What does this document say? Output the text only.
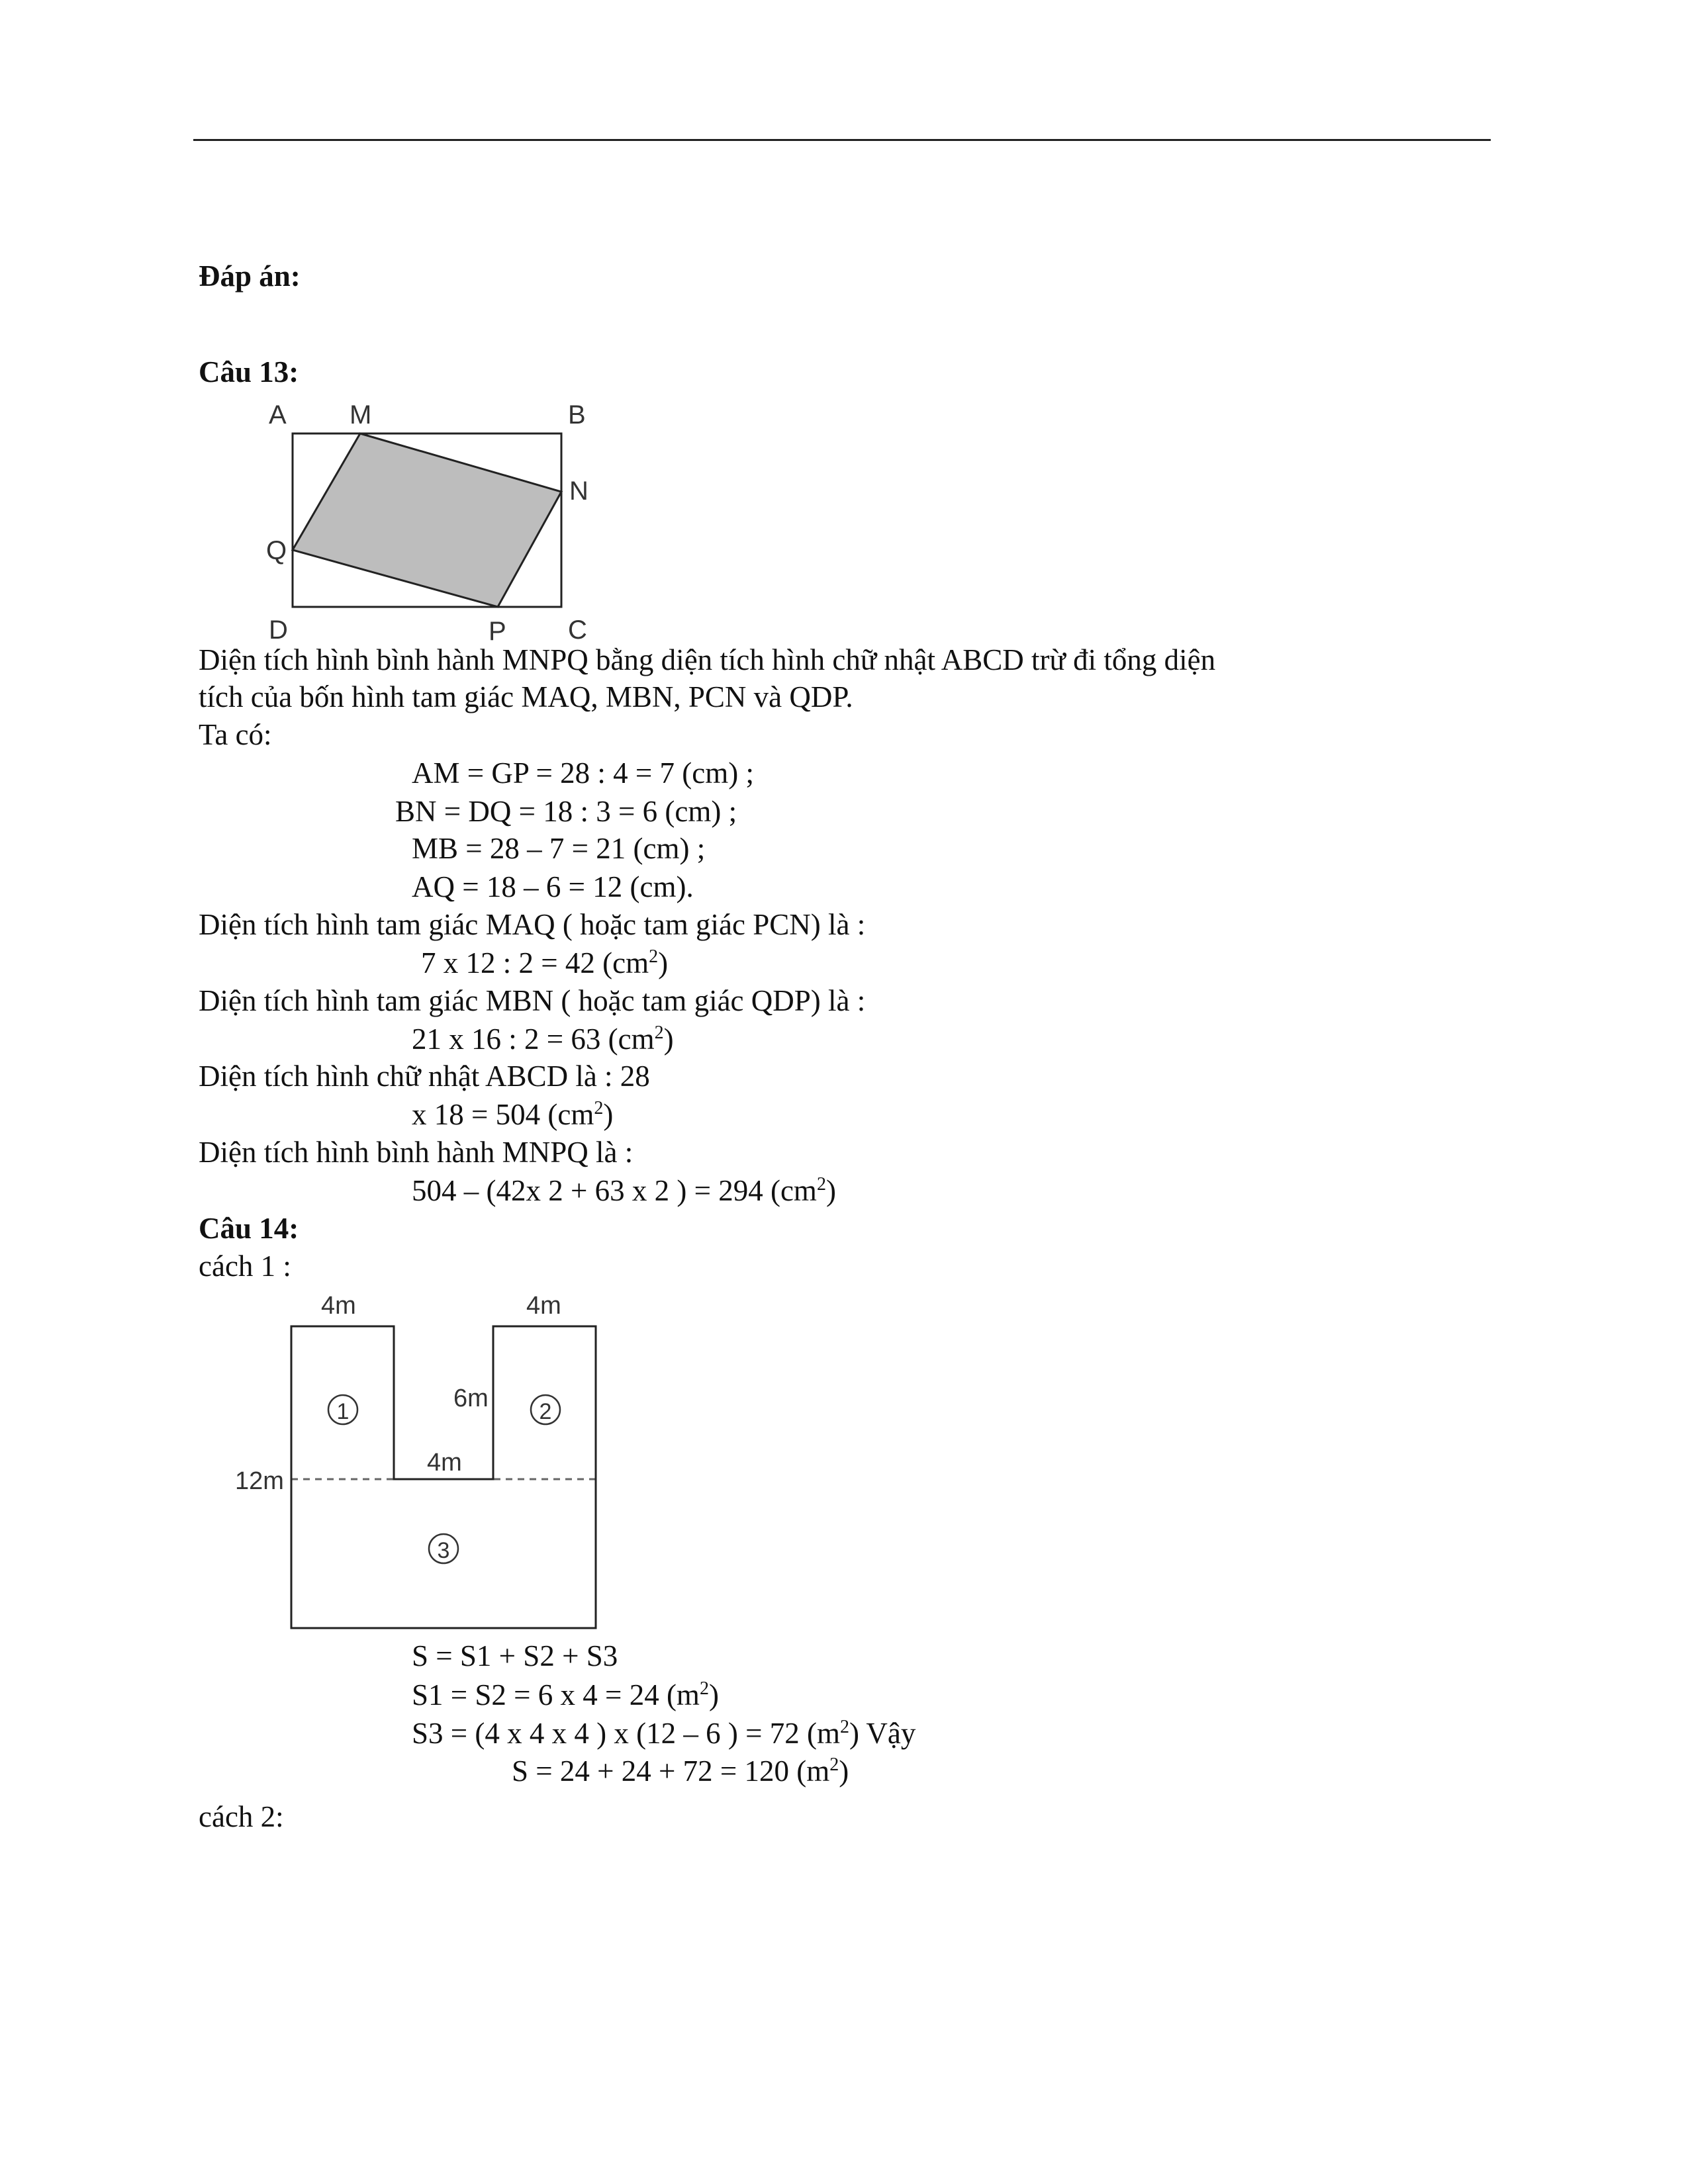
Đáp án:
Câu 13:
A M	B
N
Q
D	P C
Diện tích hình bình hành MNPQ bằng diện tích hình chữ nhật ABCD trừ đi tổng diện
tích của bốn hình tam giác MAQ, MBN, PCN và QDP.
Ta có:
AM = GP = 28 : 4 = 7 (cm) ;
BN = DQ = 18 : 3 = 6 (cm) ;
MB = 28 – 7 = 21 (cm) ;
AQ = 18 – 6 = 12 (cm).
Diện tích hình tam giác MAQ ( hoặc tam giác PCN) là :
7 x 12 : 2 = 42 $(cm^2)$
Diện tích hình tam giác MBN ( hoặc tam giác QDP) là :
21 x 16 : 2 = 63 $(cm^2)$
Diện tích hình chữ nhật ABCD là : 28
x 18 = 504 $(cm^2)$
Diện tích hình bình hành MNPQ là :
504 – (42x 2 + 63 x 2 ) = 294 $(cm^2)$
Câu 14:
cách 1 :
4m	4m
6m
4m
12m
1	2
3
S = S1 + S2 + S3
S1 = S2 = 6 x 4 = 24 $(m^2)$
S3 = (4 x 4 x 4 ) x (12 – 6 ) = 72 $(m^2)$ Vậy
S = 24 + 24 + 72 = 120 $(m^2)$
cách 2:
